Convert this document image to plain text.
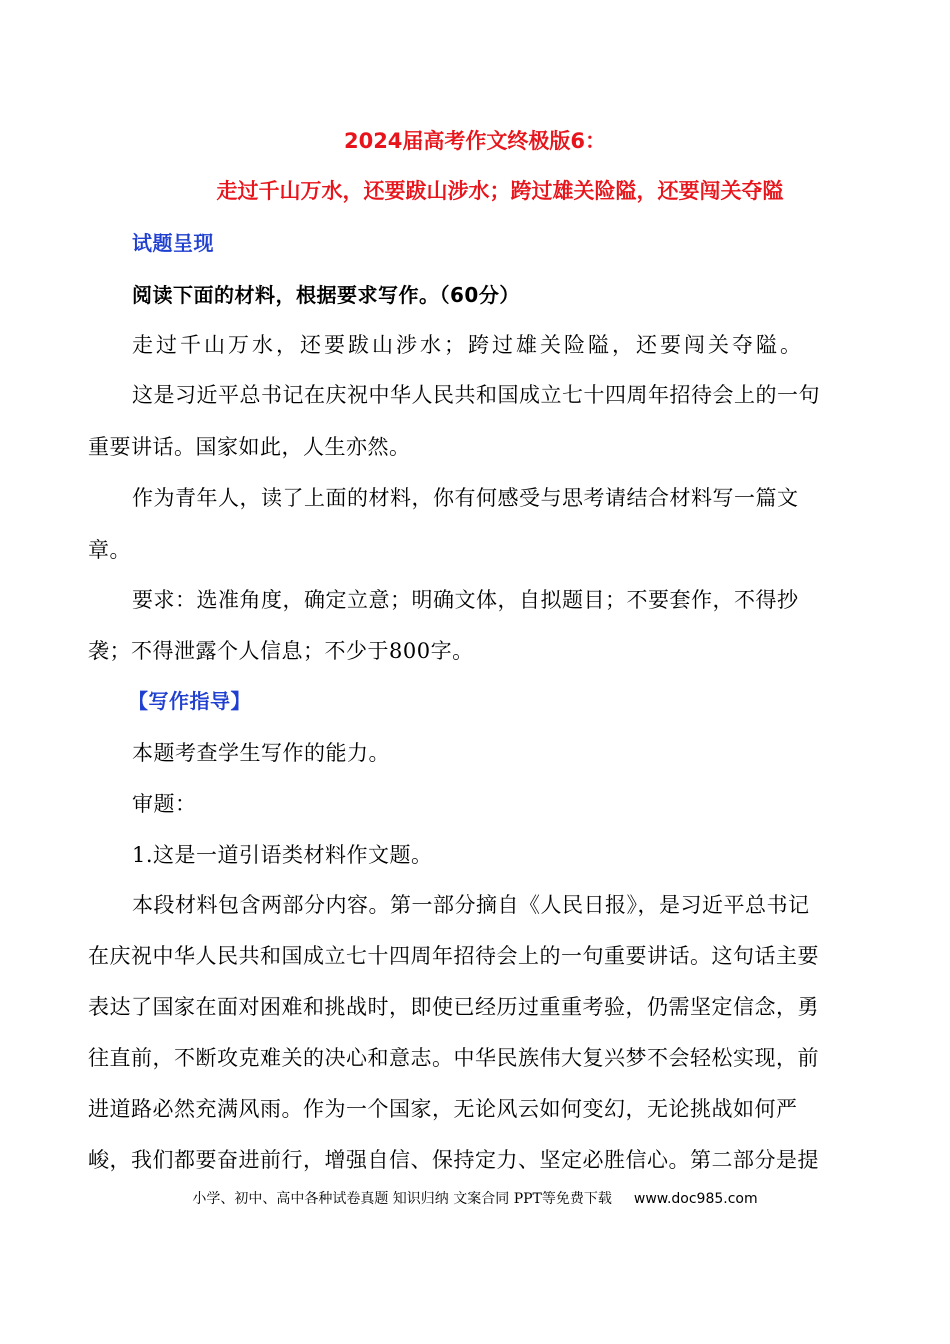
2024届高考作文终极版6：
走过千山万水，还要跋山涉水；跨过雄关险隘，还要闯关夺隘
试题呈现
阅读下面的材料，根据要求写作。（60分）
走过千山万水，还要跋山涉水；跨过雄关险隘，还要闯关夺隘。
这是习近平总书记在庆祝中华人民共和国成立七十四周年招待会上的一句
重要讲话。国家如此，人生亦然。
作为青年人，读了上面的材料，你有何感受与思考请结合材料写一篇文
章。
要求：选准角度，确定立意；明确文体，自拟题目；不要套作，不得抄
袭；不得泄露个人信息；不少于800字。
【写作指导】
本题考查学生写作的能力。
审题：
1.这是一道引语类材料作文题。
本段材料包含两部分内容。第一部分摘自《人民日报》，是习近平总书记
在庆祝中华人民共和国成立七十四周年招待会上的一句重要讲话。这句话主要
表达了国家在面对困难和挑战时，即使已经历过重重考验，仍需坚定信念，勇
往直前，不断攻克难关的决心和意志。中华民族伟大复兴梦不会轻松实现，前
进道路必然充满风雨。作为一个国家，无论风云如何变幻，无论挑战如何严
峻，我们都要奋进前行，增强自信、保持定力、坚定必胜信心。第二部分是提
小学、初中、高中各种试卷真题 知识归纳 文案合同 PPT等免费下载 www.doc985.com
